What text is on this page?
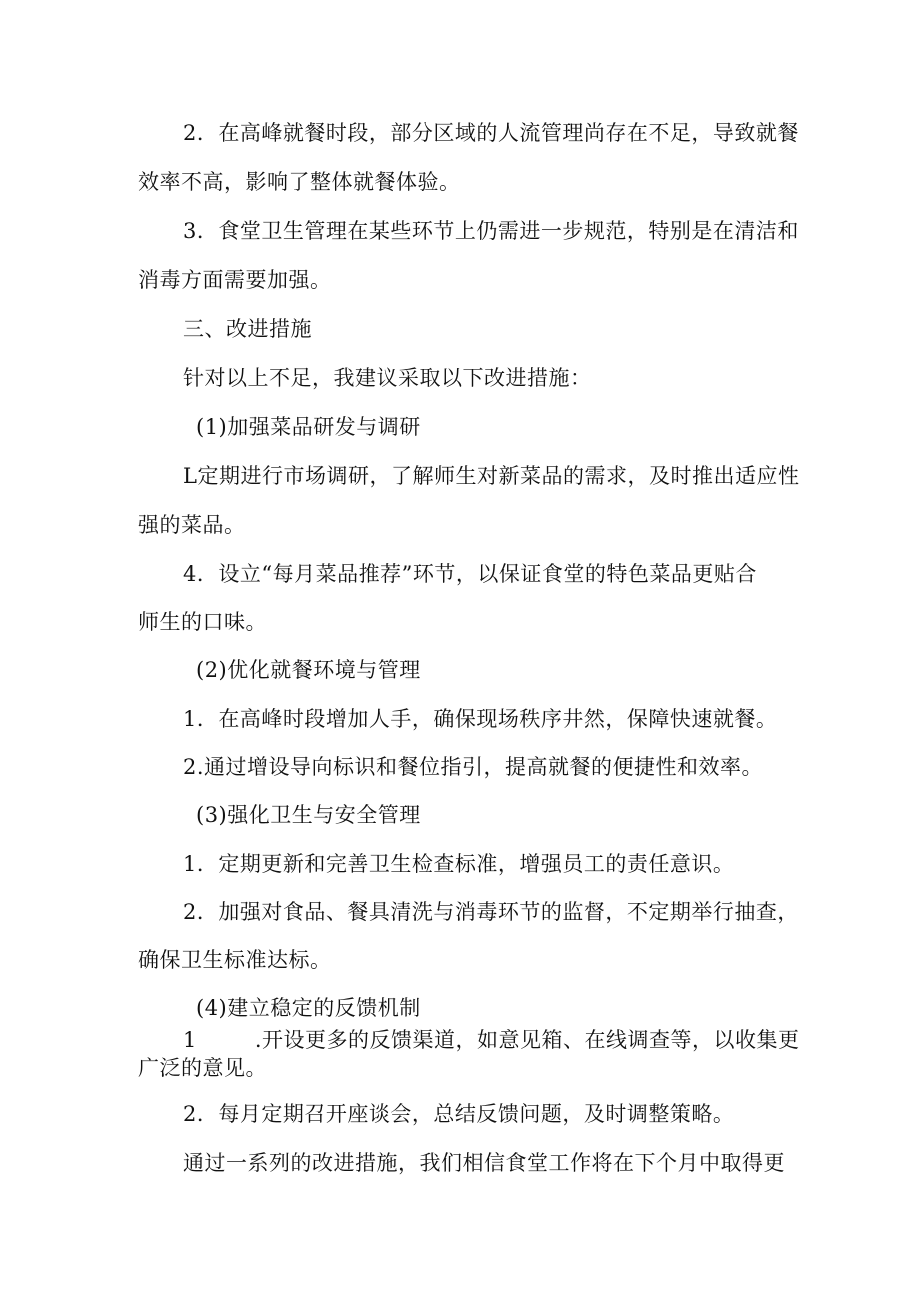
2．在高峰就餐时段，部分区域的人流管理尚存在不足，导致就餐
效率不高，影响了整体就餐体验。
3．食堂卫生管理在某些环节上仍需进一步规范，特别是在清洁和
消毒方面需要加强。
三、改进措施
针对以上不足，我建议采取以下改进措施：
(1)加强菜品研发与调研
L定期进行市场调研，了解师生对新菜品的需求，及时推出适应性
强的菜品。
4．设立“每月菜品推荐”环节，以保证食堂的特色菜品更贴合
师生的口味。
(2)优化就餐环境与管理
1．在高峰时段增加人手，确保现场秩序井然，保障快速就餐。
2.通过增设导向标识和餐位指引，提高就餐的便捷性和效率。
(3)强化卫生与安全管理
1．定期更新和完善卫生检查标准，增强员工的责任意识。
2．加强对食品、餐具清洗与消毒环节的监督，不定期举行抽查，
确保卫生标准达标。
(4)建立稳定的反馈机制
1	.开设更多的反馈渠道，如意见箱、在线调查等，以收集更
广泛的意见。
2．每月定期召开座谈会，总结反馈问题，及时调整策略。
通过一系列的改进措施，我们相信食堂工作将在下个月中取得更
